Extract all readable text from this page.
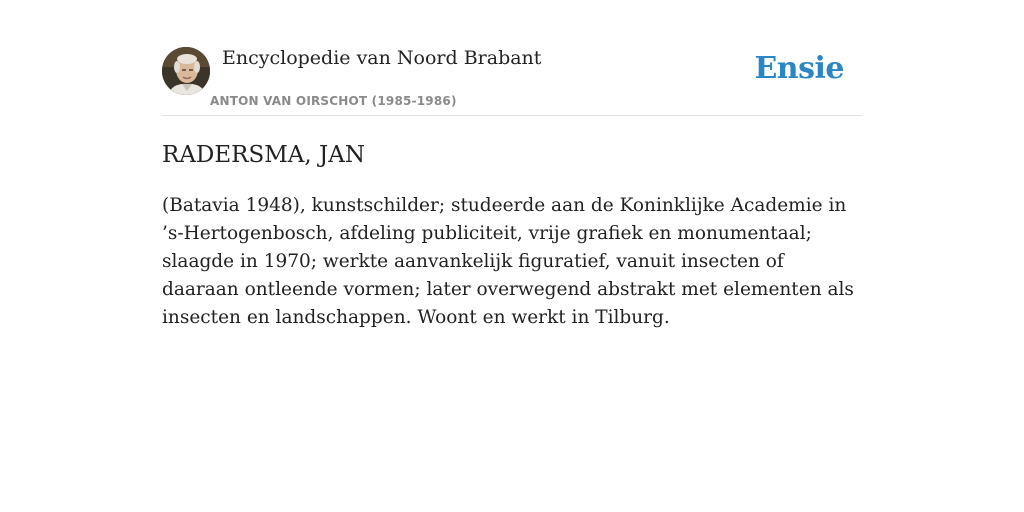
Encyclopedie van Noord Brabant
ANTON VAN OIRSCHOT (1985-1986)
Ensie
RADERSMA, JAN
(Batavia 1948), kunstschilder; studeerde aan de Koninklijke Academie in ’s-Hertogenbosch, afdeling publiciteit, vrije grafiek en monumentaal; slaagde in 1970; werkte aanvankelijk figuratief, vanuit insecten of daaraan ontleende vormen; later overwegend abstrakt met elementen als insecten en landschappen. Woont en werkt in Tilburg.
